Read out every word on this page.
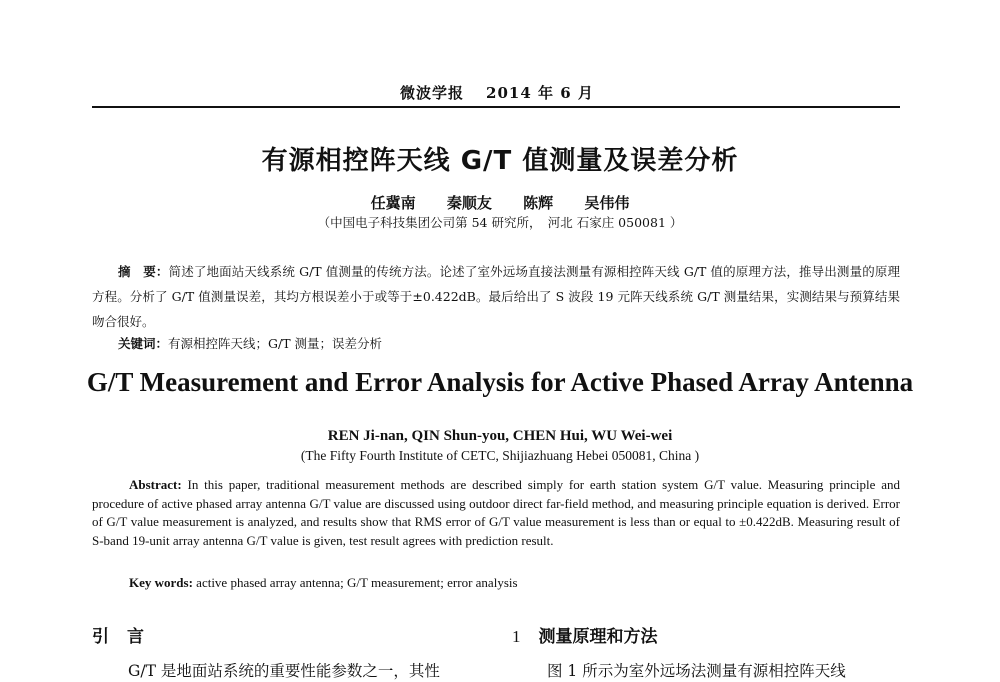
微波学报 2014 年 6 月
有源相控阵天线 G/T 值测量及误差分析
任冀南 秦顺友 陈辉 吴伟伟
（中国电子科技集团公司第 54 研究所，　河北 石家庄 050081 ）
摘　要：简述了地面站天线系统 G/T 值测量的传统方法。论述了室外远场直接法测量有源相控阵天线 G/T 值的原理方法，推导出测量的原理方程。分析了 G/T 值测量误差，其均方根误差小于或等于±0.422dB。最后给出了 S 波段 19 元阵天线系统 G/T 测量结果，实测结果与预算结果吻合很好。
关键词：有源相控阵天线；G/T 测量；误差分析
G/T Measurement and Error Analysis for Active Phased Array Antenna
REN Ji-nan, QIN Shun-you, CHEN Hui, WU Wei-wei
(The Fifty Fourth Institute of CETC, Shijiazhuang Hebei 050081, China )
Abstract: In this paper, traditional measurement methods are described simply for earth station system G/T value. Measuring principle and procedure of active phased array antenna G/T value are discussed using outdoor direct far-field method, and measuring principle equation is derived. Error of G/T value measurement is analyzed, and results show that RMS error of G/T value measurement is less than or equal to ±0.422dB. Measuring result of S-band 19-unit array antenna G/T value is given, test result agrees with prediction result.
Key words: active phased array antenna; G/T measurement; error analysis
引 言	1 测量原理和方法
G/T 是地面站系统的重要性能参数之一，其性	图 1 所示为室外远场法测量有源相控阵天线
